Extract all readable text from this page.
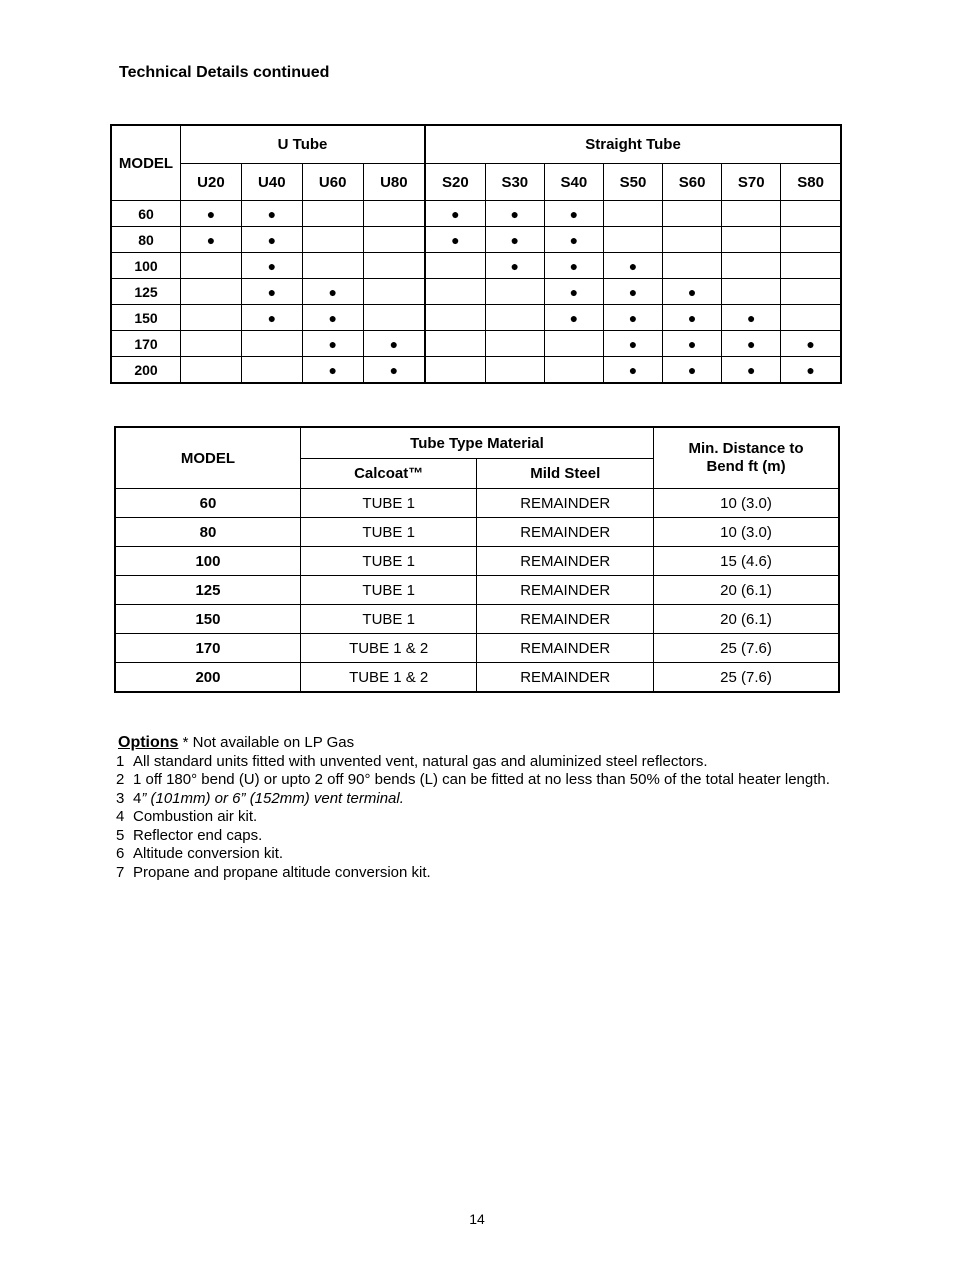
Technical Details continued
MODEL	U Tube				Straight Tube						
	U20	U40	U60	U80	S20	S30	S40	S50	S60	S70	S80
60	●	●			●	●	●				
80	●	●			●	●	●				
100		●				●	●	●			
125		●	●				●	●	●		
150		●	●				●	●	●	●	
170			●	●				●	●	●	●
200			●	●				●	●	●	●
MODEL	Tube Type Material		Min. Distance to
Bend ft (m)
	Calcoat™	Mild Steel	
60	TUBE 1	REMAINDER	10 (3.0)
80	TUBE 1	REMAINDER	10 (3.0)
100	TUBE 1	REMAINDER	15 (4.6)
125	TUBE 1	REMAINDER	20 (6.1)
150	TUBE 1	REMAINDER	20 (6.1)
170	TUBE 1 & 2	REMAINDER	25 (7.6)
200	TUBE 1 & 2	REMAINDER	25 (7.6)
Options * Not available on LP Gas
1 All standard units fitted with unvented vent, natural gas and aluminized steel reflectors.
2 1 off 180° bend (U) or upto 2 off 90° bends (L) can be fitted at no less than 50% of the total heater length.
3 4” (101mm) or 6” (152mm) vent terminal.
4 Combustion air kit.
5 Reflector end caps.
6 Altitude conversion kit.
7 Propane and propane altitude conversion kit.
14
